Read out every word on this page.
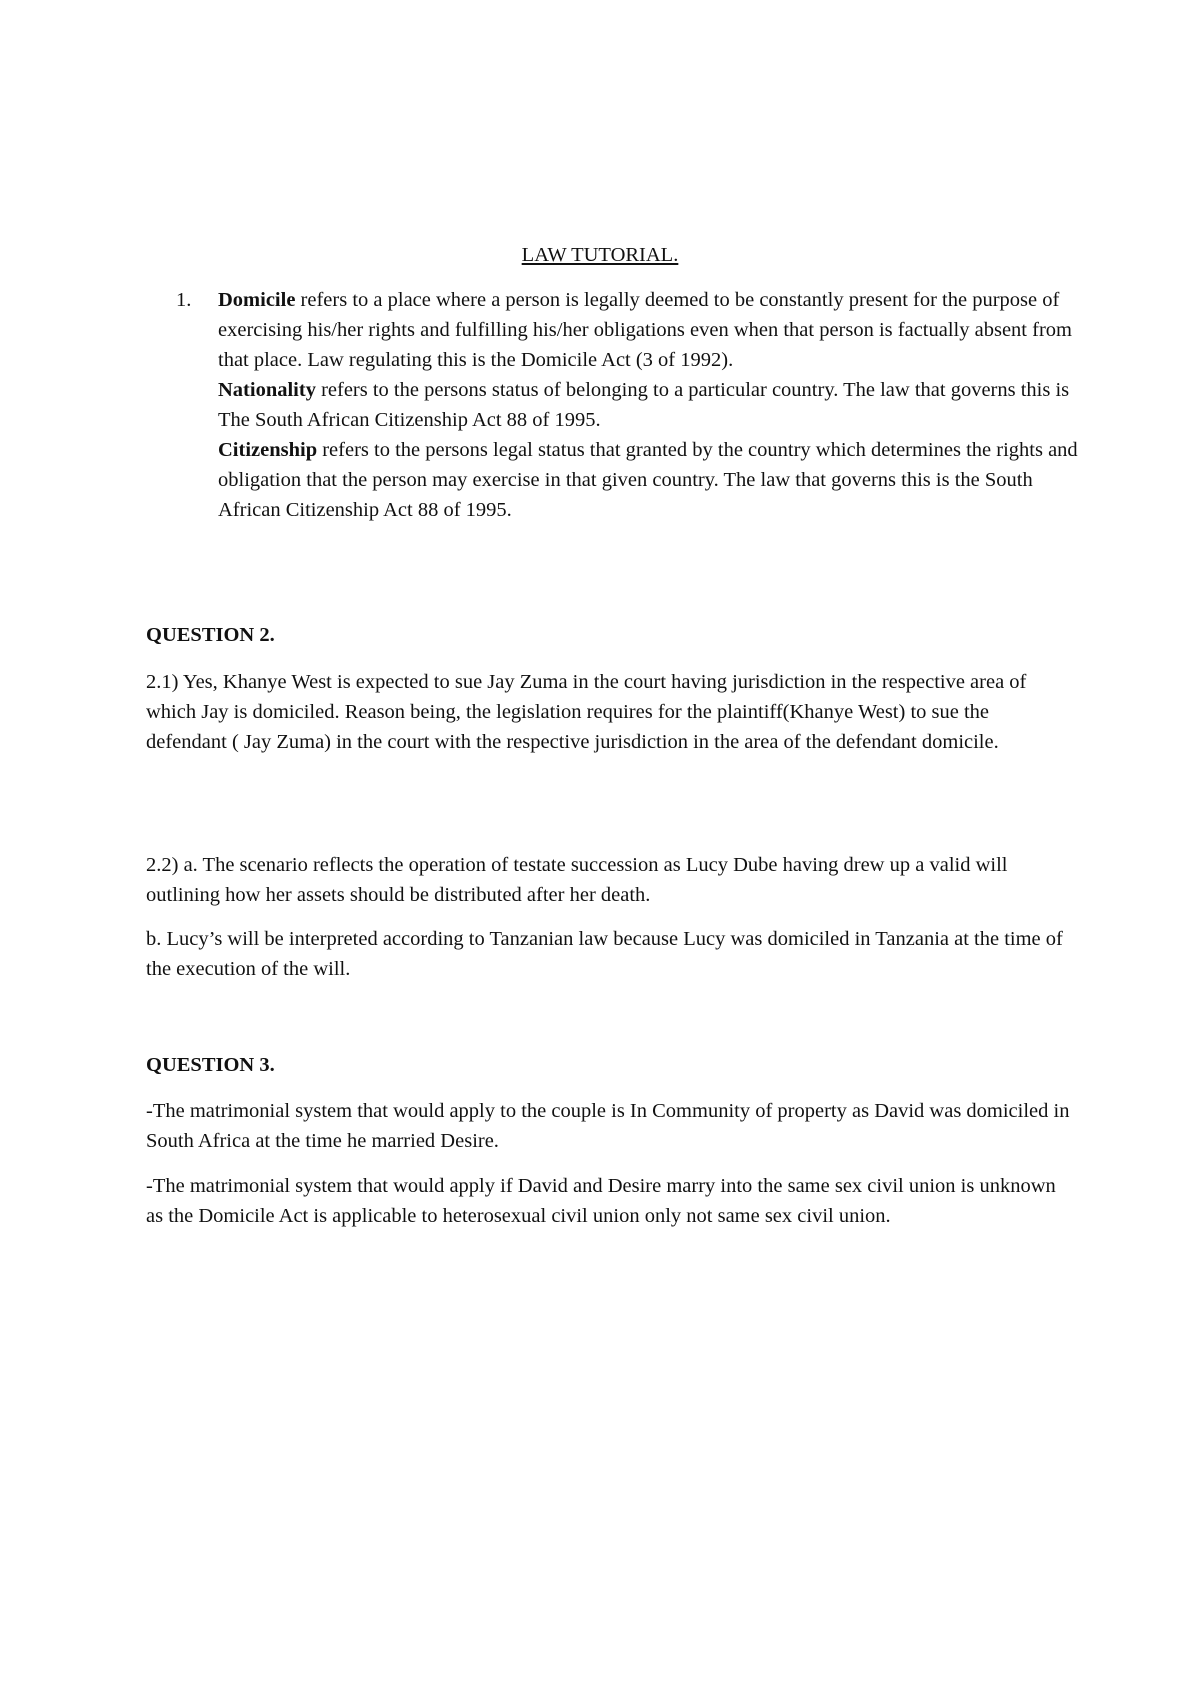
LAW TUTORIAL.
1. Domicile refers to a place where a person is legally deemed to be constantly present for the purpose of exercising his/her rights and fulfilling his/her obligations even when that person is factually absent from that place. Law regulating this is the Domicile Act (3 of 1992).

Nationality refers to the persons status of belonging to a particular country. The law that governs this is The South African Citizenship Act 88 of 1995.

Citizenship refers to the persons legal status that granted by the country which determines the rights and obligation that the person may exercise in that given country. The law that governs this is the South African Citizenship Act 88 of 1995.

QUESTION 2.

2.1) Yes, Khanye West is expected to sue Jay Zuma in the court having jurisdiction in the respective area of which Jay is domiciled. Reason being, the legislation requires for the plaintiff(Khanye West) to sue the defendant ( Jay Zuma) in the court with the respective jurisdiction in the area of the defendant domicile.

2.2) a. The scenario reflects the operation of testate succession as Lucy Dube having drew up a valid will outlining how her assets should be distributed after her death.

b. Lucy’s will be interpreted according to Tanzanian law because Lucy was domiciled in Tanzania at the time of the execution of the will.

QUESTION 3.

-The matrimonial system that would apply to the couple is In Community of property as David was domiciled in South Africa at the time he married Desire.

-The matrimonial system that would apply if David and Desire marry into the same sex civil union is unknown as the Domicile Act is applicable to heterosexual civil union only not same sex civil union.
